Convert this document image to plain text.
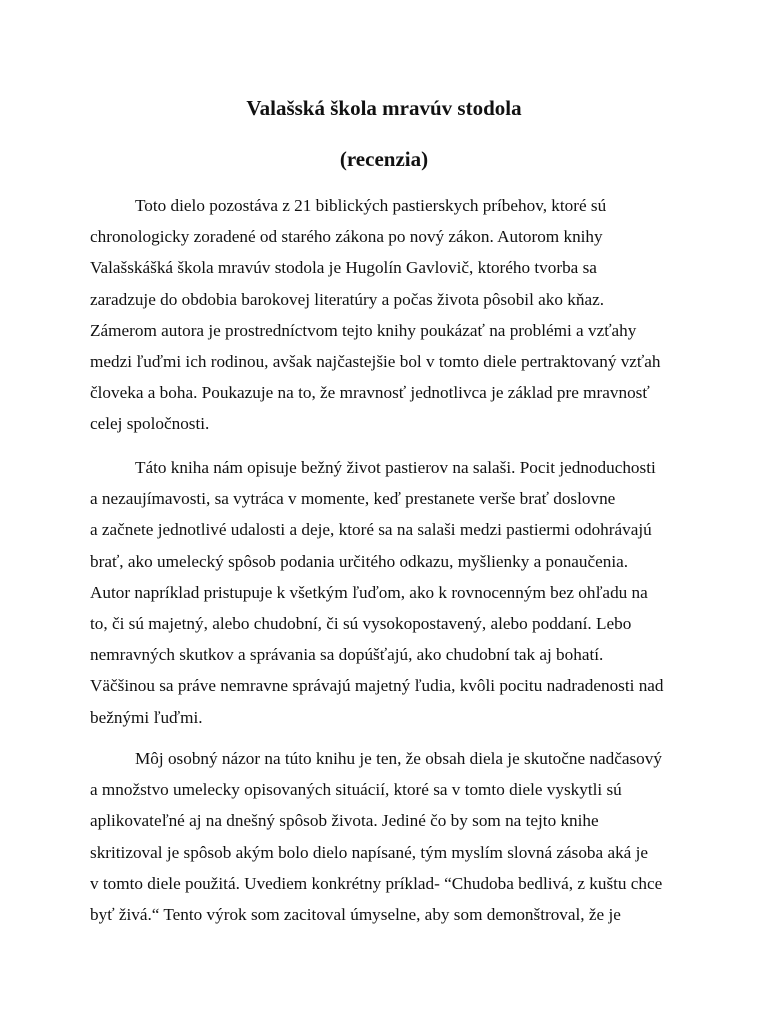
Valašská škola mravúv stodola
(recenzia)

Toto dielo pozostáva z 21 biblických pastierskych príbehov, ktoré sú
chronologicky zoradené od starého zákona po nový zákon. Autorom knihy
Valašskášká škola mravúv stodola je Hugolín Gavlovič, ktorého tvorba sa
zaradzuje do obdobia barokovej literatúry a počas života pôsobil ako kňaz.
Zámerom autora je prostredníctvom tejto knihy poukázať na problémi a vzťahy
medzi ľuďmi ich rodinou, avšak najčastejšie bol v tomto diele pertraktovaný vzťah
človeka a boha. Poukazuje na to, že mravnosť jednotlivca je základ pre mravnosť
celej spoločnosti.

Táto kniha nám opisuje bežný život pastierov na salaši. Pocit jednoduchosti
a nezaujímavosti, sa vytráca v momente, keď prestanete verše brať doslovne
a začnete jednotlivé udalosti a deje, ktoré sa na salaši medzi pastiermi odohrávajú
brať, ako umelecký spôsob podania určitého odkazu, myšlienky a ponaučenia.
Autor napríklad pristupuje k všetkým ľuďom, ako k rovnocenným bez ohľadu na
to, či sú majetný, alebo chudobní, či sú vysokopostavený, alebo poddaní. Lebo
nemravných skutkov a správania sa dopúšťajú, ako chudobní tak aj bohatí.
Väčšinou sa práve nemravne správajú majetný ľudia, kvôli pocitu nadradenosti nad
bežnými ľuďmi.

Môj osobný názor na túto knihu je ten, že obsah diela je skutočne nadčasový
a množstvo umelecky opisovaných situácií, ktoré sa v tomto diele vyskytli sú
aplikovateľné aj na dnešný spôsob života. Jediné čo by som na tejto knihe
skritizoval je spôsob akým bolo dielo napísané, tým myslím slovná zásoba aká je
v tomto diele použitá. Uvediem konkrétny príklad- “Chudoba bedlivá, z kuštu chce
byť živá.“ Tento výrok som zacitoval úmyselne, aby som demonštroval, že je
